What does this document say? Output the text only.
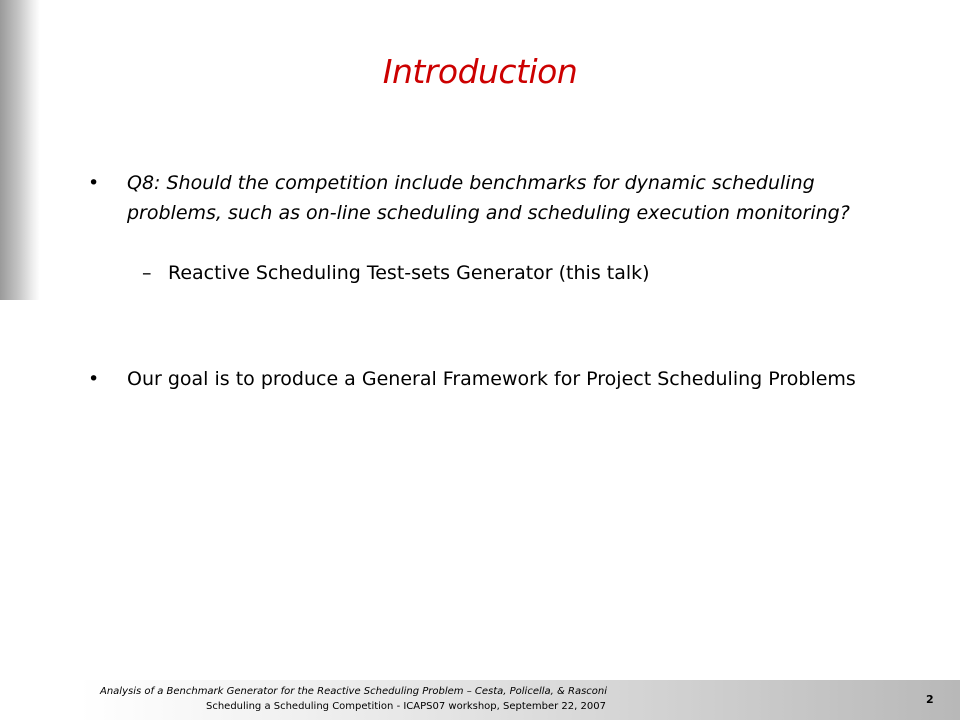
Introduction
• Q8: Should the competition include benchmarks for dynamic scheduling problems, such as on-line scheduling and scheduling execution monitoring?
– Reactive Scheduling Test-sets Generator (this talk)
• Our goal is to produce a General Framework for Project Scheduling Problems
Analysis of a Benchmark Generator for the Reactive Scheduling Problem – Cesta, Policella, & Rasconi
Scheduling a Scheduling Competition - ICAPS07 workshop, September 22, 2007
2
